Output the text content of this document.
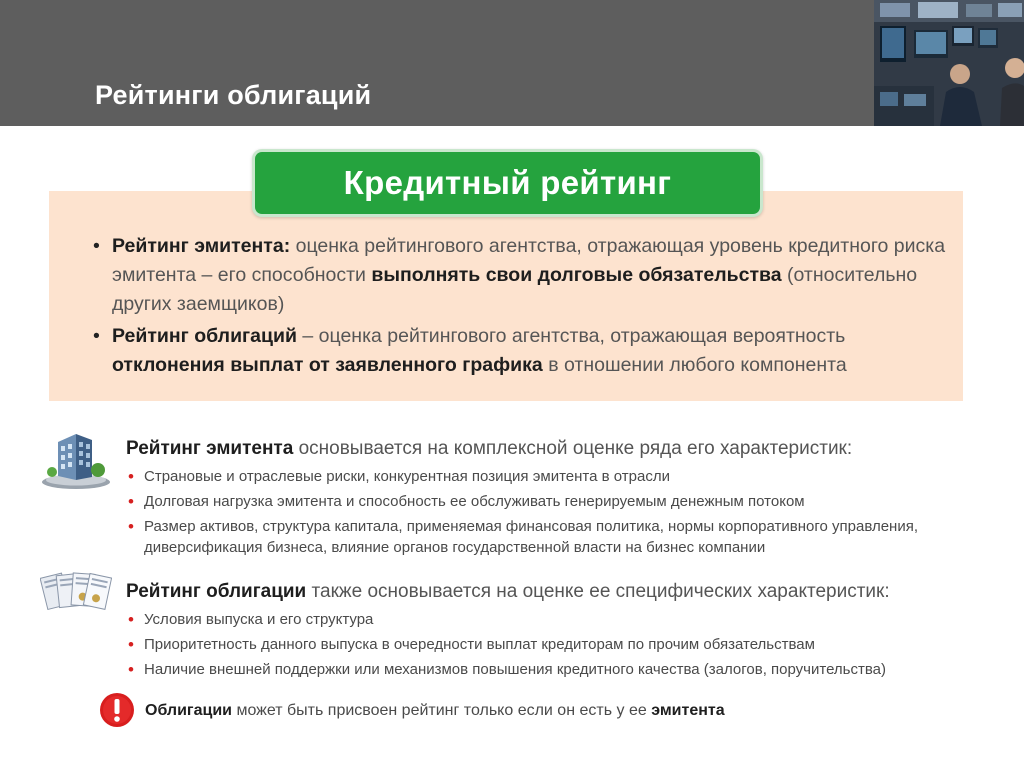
Рейтинги облигаций
Кредитный рейтинг
• Рейтинг эмитента: оценка рейтингового агентства, отражающая уровень кредитного риска эмитента – его способности выполнять свои долговые обязательства (относительно других заемщиков)
• Рейтинг облигаций – оценка рейтингового агентства, отражающая вероятность отклонения выплат от заявленного графика в отношении любого компонента

Рейтинг эмитента основывается на комплексной оценке ряда его характеристик:

• Страновые и отраслевые риски, конкурентная позиция эмитента в отрасли
• Долговая нагрузка эмитента и способность ее обслуживать генерируемым денежным потоком
• Размер активов, структура капитала, применяемая финансовая политика, нормы корпоративного управления, диверсификация бизнеса, влияние органов государственной власти на бизнес компании

Рейтинг облигации также основывается на оценке ее специфических характеристик:

• Условия выпуска и его структура
• Приоритетность данного выпуска в очередности выплат кредиторам по прочим обязательствам
• Наличие внешней поддержки или механизмов повышения кредитного качества (залогов, поручительства)
Облигации может быть присвоен рейтинг только если он есть у ее эмитента
